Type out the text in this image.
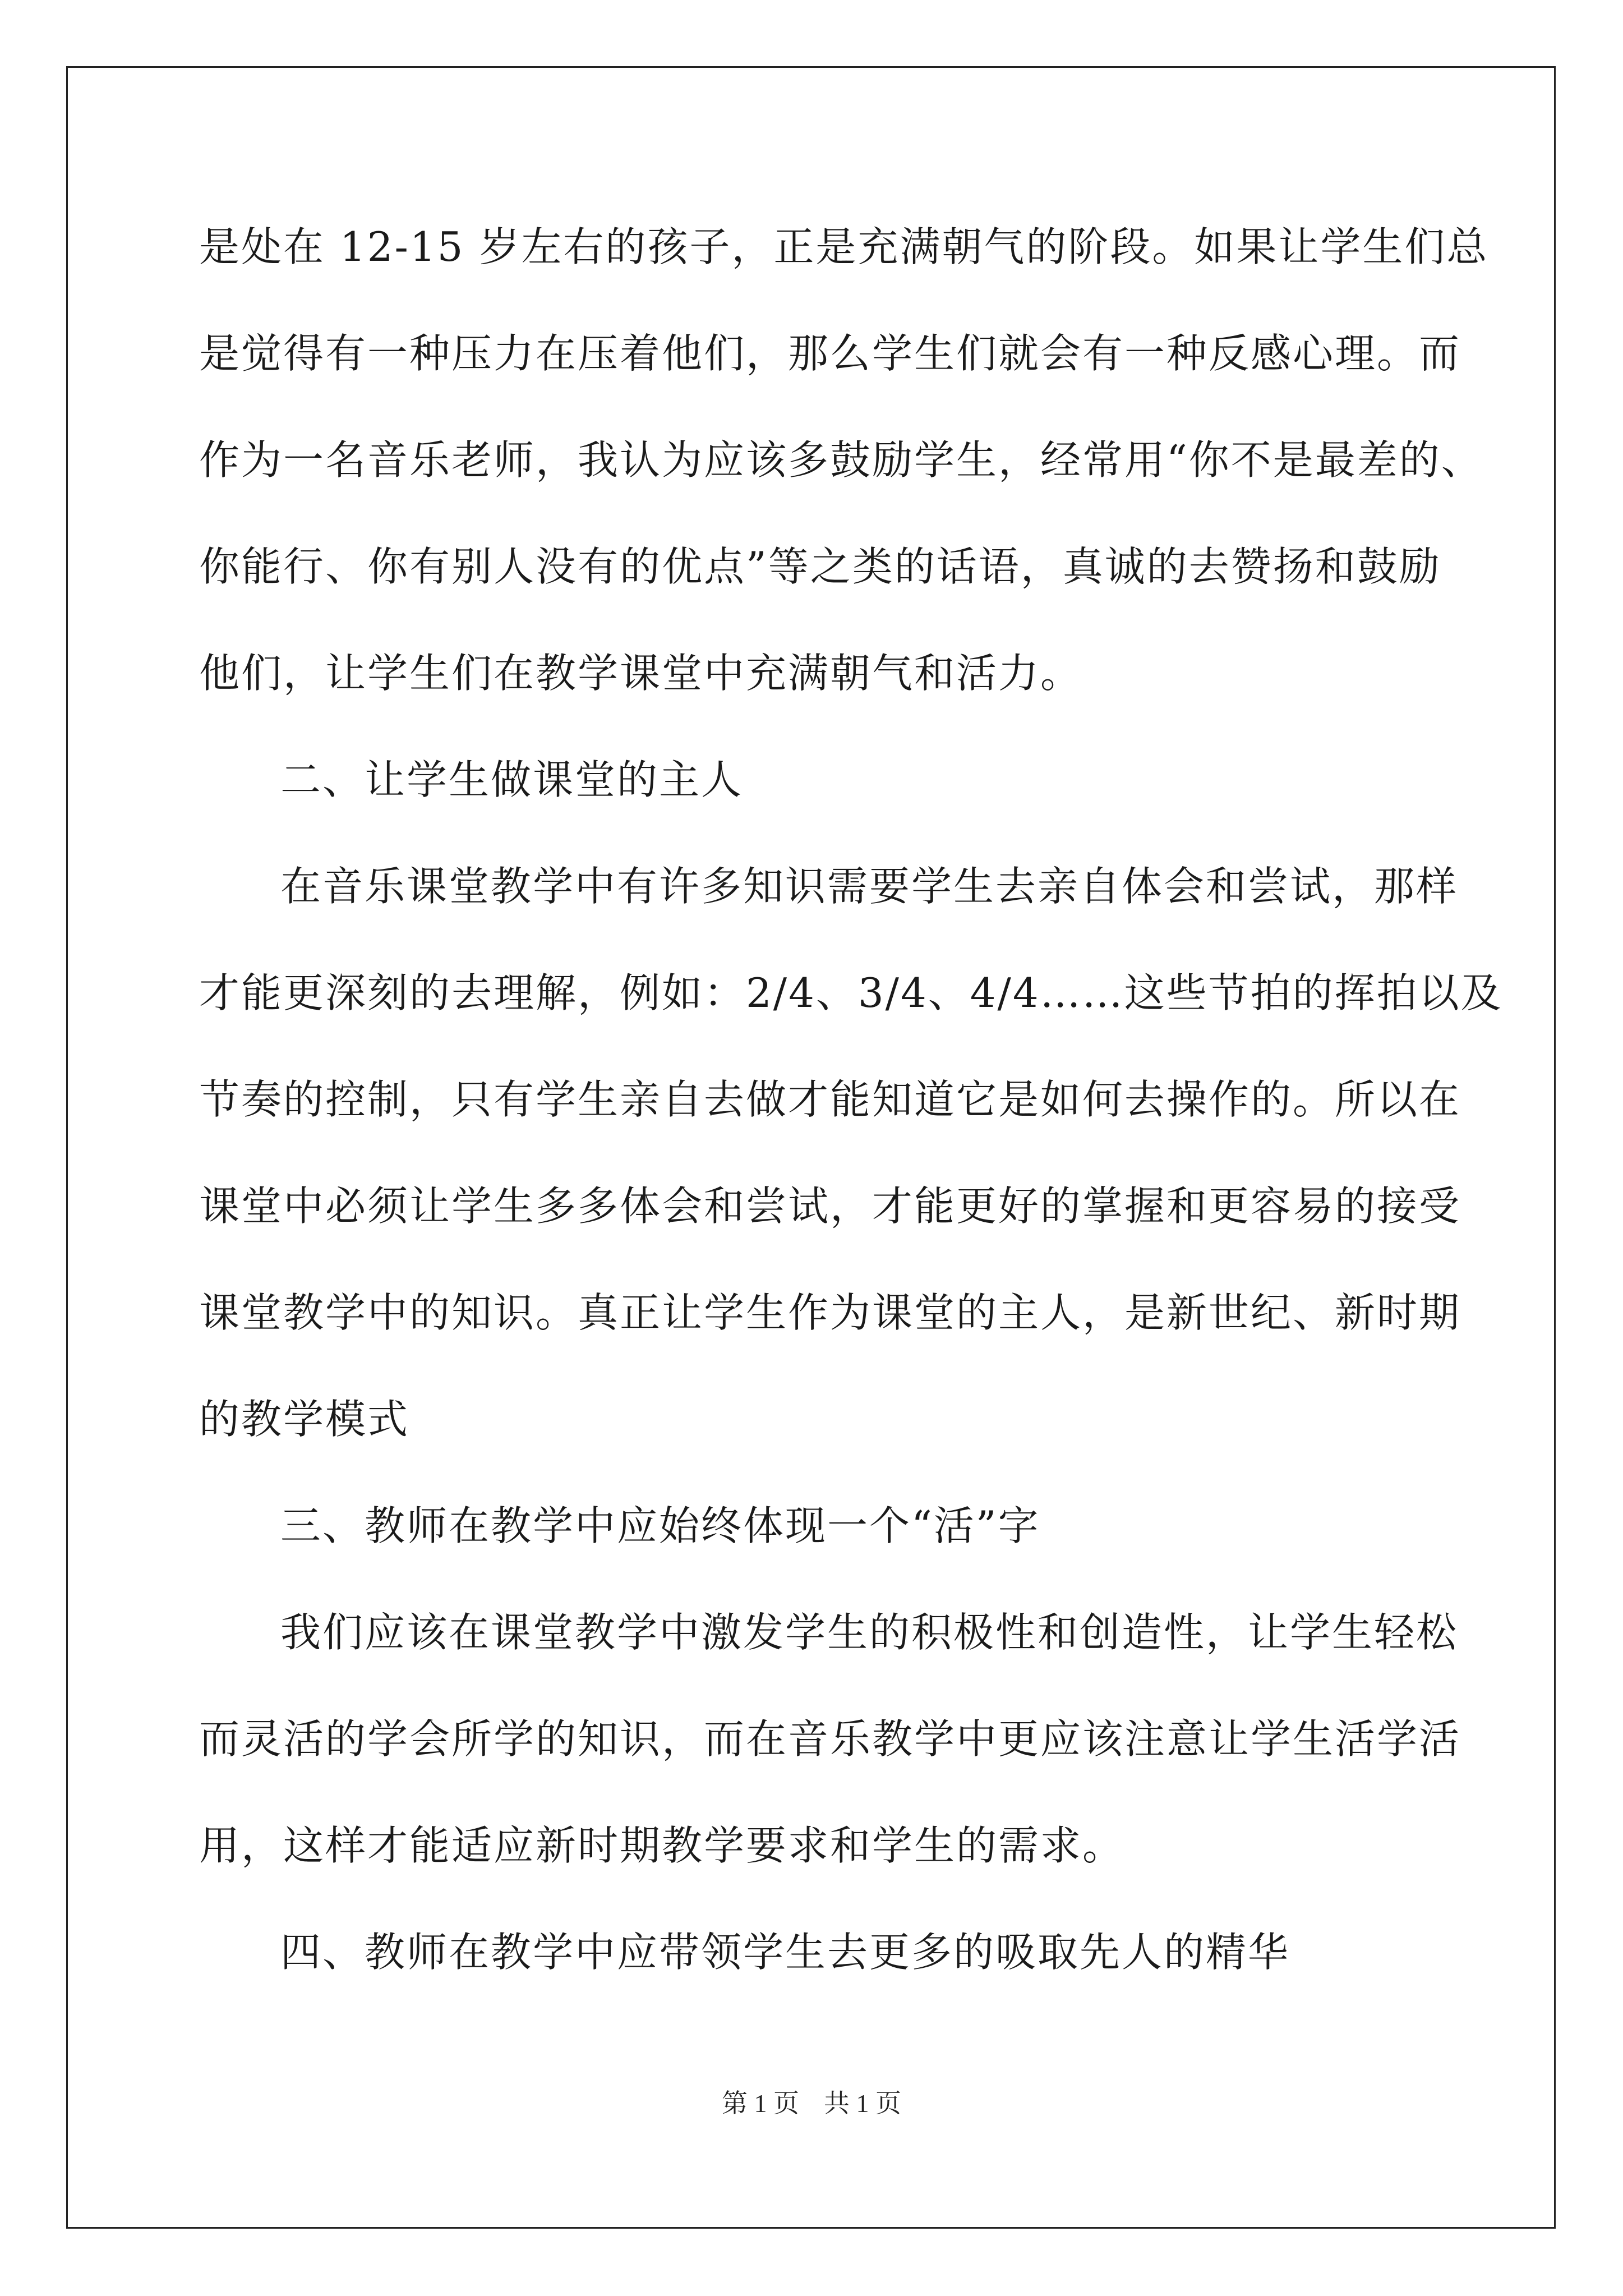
是处在 12-15 岁左右的孩子，正是充满朝气的阶段。如果让学生们总
是觉得有一种压力在压着他们，那么学生们就会有一种反感心理。而
作为一名音乐老师，我认为应该多鼓励学生，经常用“你不是最差的、
你能行、你有别人没有的优点”等之类的话语，真诚的去赞扬和鼓励
他们，让学生们在教学课堂中充满朝气和活力。
二、让学生做课堂的主人
在音乐课堂教学中有许多知识需要学生去亲自体会和尝试，那样
才能更深刻的去理解，例如：2/4、3/4、4/4……这些节拍的挥拍以及
节奏的控制，只有学生亲自去做才能知道它是如何去操作的。所以在
课堂中必须让学生多多体会和尝试，才能更好的掌握和更容易的接受
课堂教学中的知识。真正让学生作为课堂的主人，是新世纪、新时期
的教学模式
三、教师在教学中应始终体现一个“活”字
我们应该在课堂教学中激发学生的积极性和创造性，让学生轻松
而灵活的学会所学的知识，而在音乐教学中更应该注意让学生活学活
用，这样才能适应新时期教学要求和学生的需求。
四、教师在教学中应带领学生去更多的吸取先人的精华
第 1 页 共 1 页
